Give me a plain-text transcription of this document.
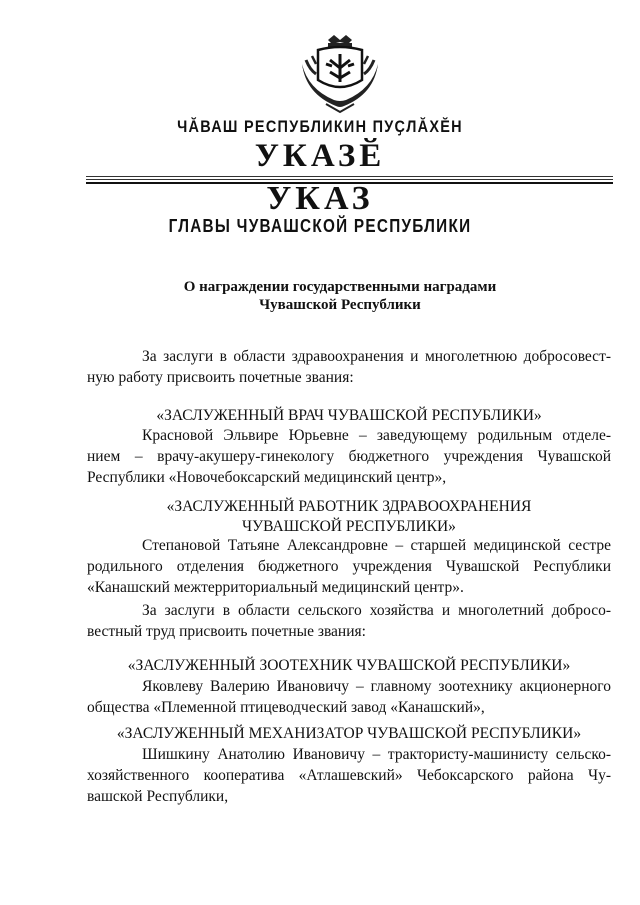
ЧӐВАШ РЕСПУБЛИКИН ПУҪЛӐХӖН
УКАЗӖ
УКАЗ
ГЛАВЫ ЧУВАШСКОЙ РЕСПУБЛИКИ
О награждении государственными наградами
Чувашской Республики
За заслуги в области здравоохранения и многолетнюю добросовест-
ную работу присвоить почетные звания:
«ЗАСЛУЖЕННЫЙ ВРАЧ ЧУВАШСКОЙ РЕСПУБЛИКИ»
Красновой Эльвире Юрьевне – заведующему родильным отделе-
нием – врачу-акушеру-гинекологу бюджетного учреждения Чувашской
Республики «Новочебоксарский медицинский центр»,
«ЗАСЛУЖЕННЫЙ РАБОТНИК ЗДРАВООХРАНЕНИЯ
ЧУВАШСКОЙ РЕСПУБЛИКИ»
Степановой Татьяне Александровне – старшей медицинской сестре
родильного отделения бюджетного учреждения Чувашской Республики
«Канашский межтерриториальный медицинский центр».
За заслуги в области сельского хозяйства и многолетний добросо-
вестный труд присвоить почетные звания:
«ЗАСЛУЖЕННЫЙ ЗООТЕХНИК ЧУВАШСКОЙ РЕСПУБЛИКИ»
Яковлеву Валерию Ивановичу – главному зоотехнику акционерного
общества «Племенной птицеводческий завод «Канашский»,
«ЗАСЛУЖЕННЫЙ МЕХАНИЗАТОР ЧУВАШСКОЙ РЕСПУБЛИКИ»
Шишкину Анатолию Ивановичу – трактористу-машинисту сельско-
хозяйственного кооператива «Атлашевский» Чебоксарского района Чу-
вашской Республики,
